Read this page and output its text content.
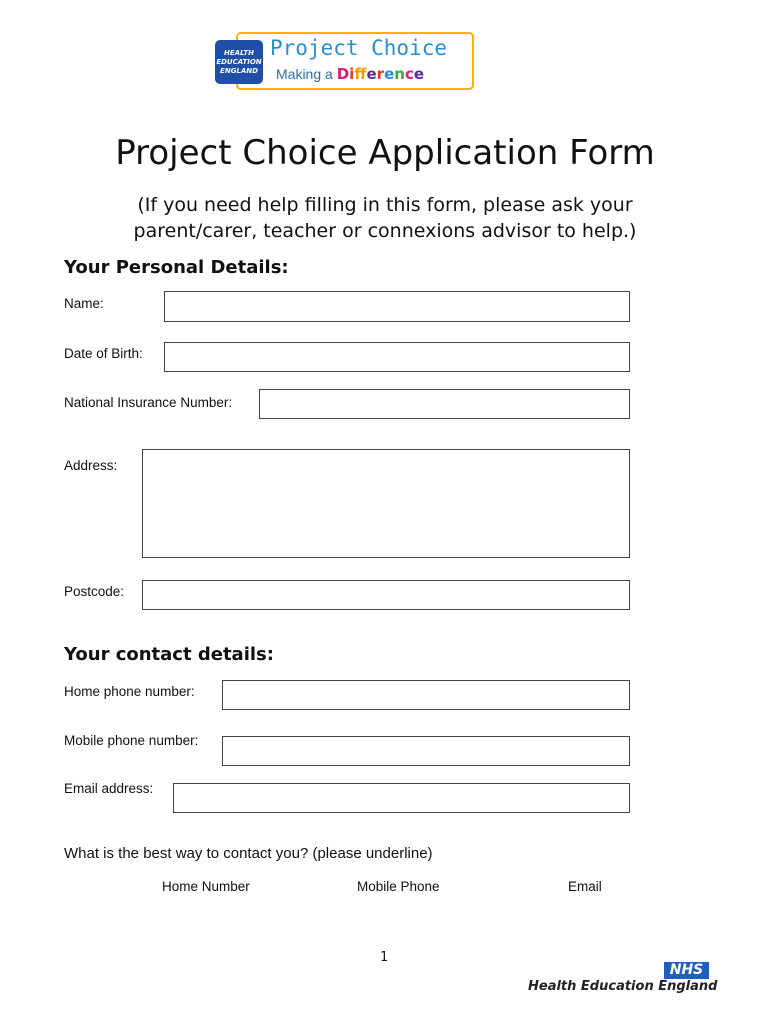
HEALTH
EDUCATION
ENGLAND
Project Choice
Making a Diference
Project Choice Application Form
(If you need help filling in this form, please ask your
parent/carer, teacher or connexions advisor to help.)
Your Personal Details:
Name:
Date of Birth:
National Insurance Number:
Address:
Postcode:
Your contact details:
Home phone number:
Mobile phone number:
Email address:
What is the best way to contact you? (please underline)
Home Number	Mobile Phone	Email
1
NHS
Health Education England
